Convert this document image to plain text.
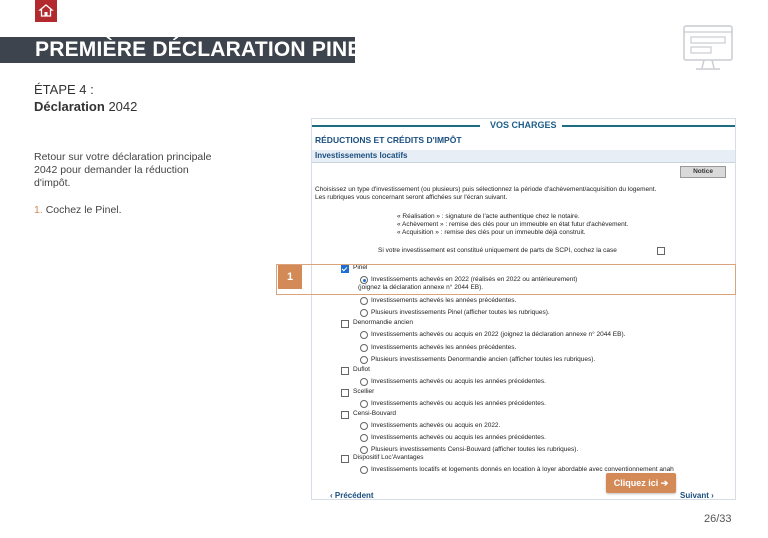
PREMIÈRE DÉCLARATION PINEL
ÉTAPE 4 :
Déclaration 2042
Retour sur votre déclaration principale 2042 pour demander la réduction d'impôt.
1. Cochez le Pinel.
VOS CHARGES
RÉDUCTIONS ET CRÉDITS D'IMPÔT
Investissements locatifs
Notice
Choisissez un type d'investissement (ou plusieurs) puis sélectionnez la période d'achèvement/acquisition du logement.
Les rubriques vous concernant seront affichées sur l'écran suivant.
« Réalisation » : signature de l'acte authentique chez le notaire.
« Achèvement » : remise des clés pour un immeuble en état futur d'achèvement.
« Acquisition » : remise des clés pour un immeuble déjà construit.
Si votre investissement est constitué uniquement de parts de SCPI, cochez la case
Pinel
Investissements achevés en 2022 (réalisés en 2022 ou antérieurement)
(joignez la déclaration annexe n° 2044 EB).
Investissements achevés les années précédentes.
Plusieurs investissements Pinel (afficher toutes les rubriques).
Denormandie ancien
Investissements achevés ou acquis en 2022 (joignez la déclaration annexe n° 2044 EB).
Investissements achevés les années précédentes.
Plusieurs investissements Denormandie ancien (afficher toutes les rubriques).
Duflot
Investissements achevés ou acquis les années précédentes.
Scellier
Investissements achevés ou acquis les années précédentes.
Censi-Bouvard
Investissements achevés ou acquis en 2022.
Investissements achevés ou acquis les années précédentes.
Plusieurs investissements Censi-Bouvard (afficher toutes les rubriques).
Dispositif Loc'Avantages
Investissements locatifs et logements donnés en location à loyer abordable avec conventionnement anah
‹ Précédent	Suivant ›
1
Cliquez ici ➔
26/33
